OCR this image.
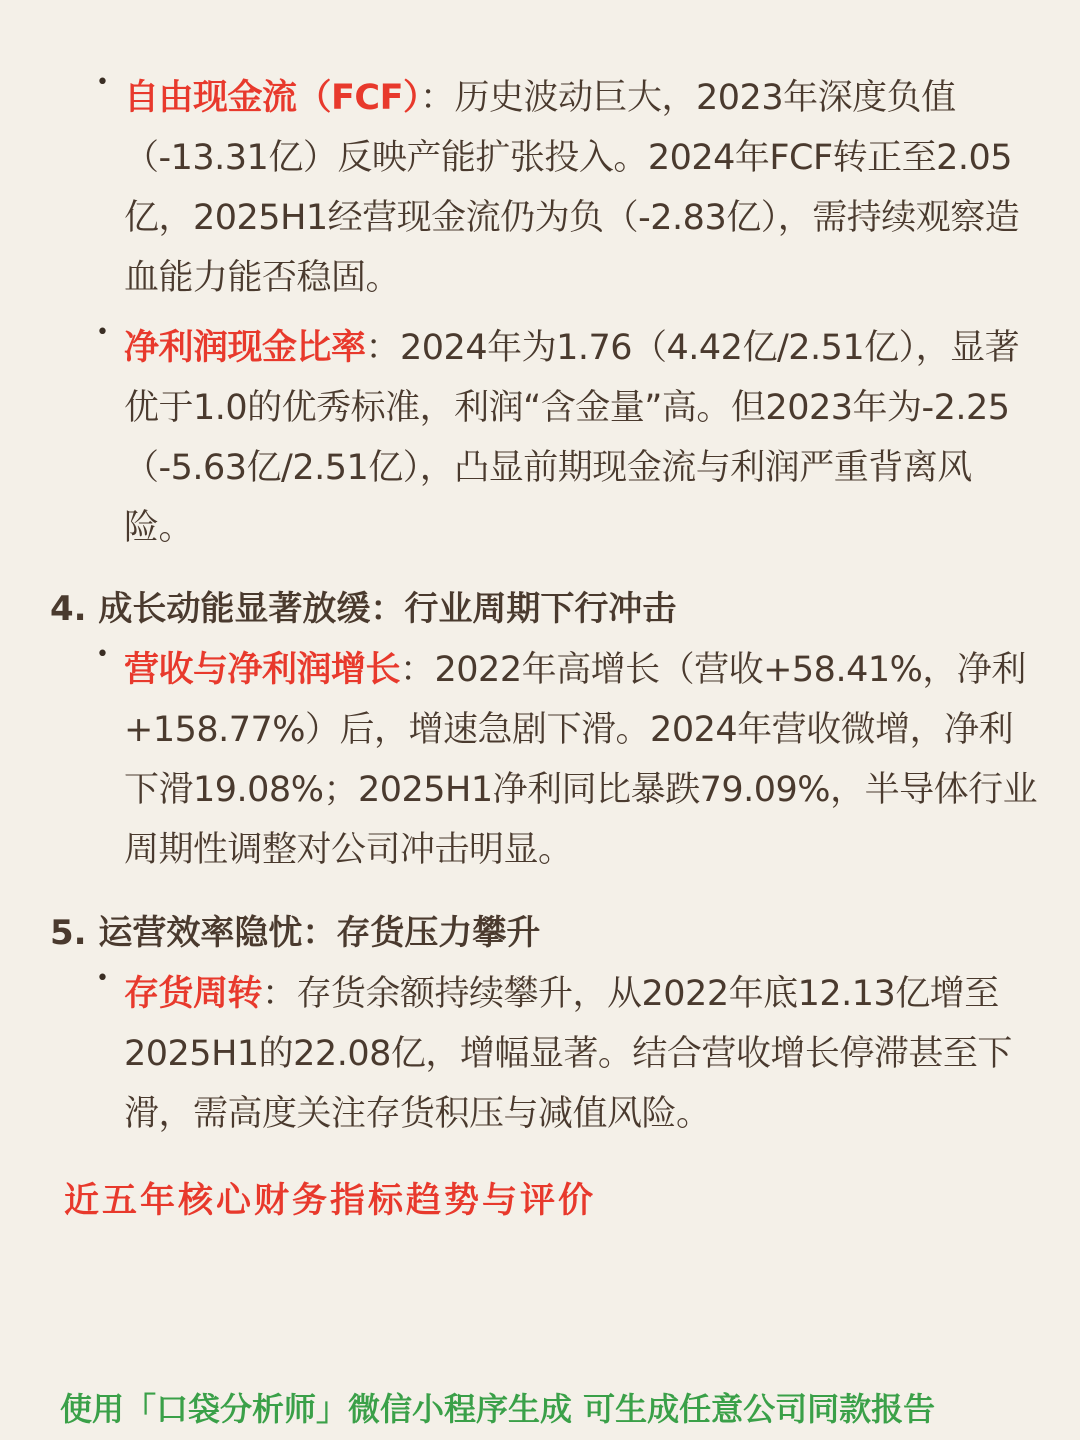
• 自由现金流（FCF）：历史波动巨大，2023年深度负值（-13.31亿）反映产能扩张投入。2024年FCF转正至2.05亿，2025H1经营现金流仍为负（-2.83亿），需持续观察造血能力能否稳固。
• 净利润现金比率：2024年为1.76（4.42亿/2.51亿），显著优于1.0的优秀标准，利润“含金量”高。但2023年为-2.25（-5.63亿/2.51亿），凸显前期现金流与利润严重背离风险。
4. 成长动能显著放缓：行业周期下行冲击
• 营收与净利润增长：2022年高增长（营收+58.41%，净利+158.77%）后，增速急剧下滑。2024年营收微增，净利下滑19.08%；2025H1净利同比暴跌79.09%，半导体行业周期性调整对公司冲击明显。
5. 运营效率隐忧：存货压力攀升
• 存货周转：存货余额持续攀升，从2022年底12.13亿增至2025H1的22.08亿，增幅显著。结合营收增长停滞甚至下滑，需高度关注存货积压与减值风险。
近五年核心财务指标趋势与评价
使用「口袋分析师」微信小程序生成 可生成任意公司同款报告
